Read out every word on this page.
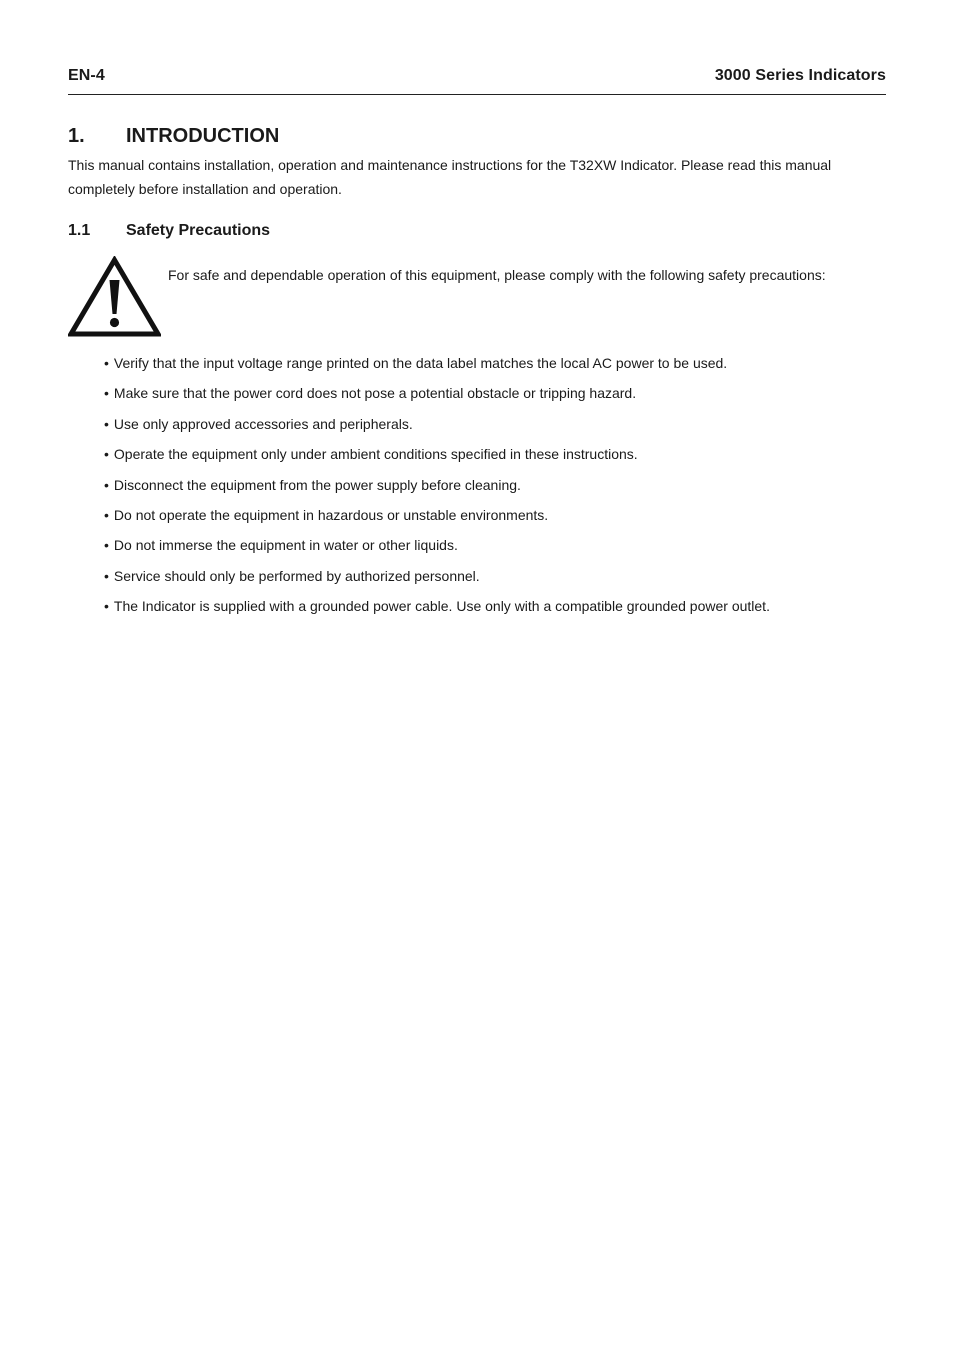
EN-4	3000 Series Indicators
1.	INTRODUCTION

This manual contains installation, operation and maintenance instructions for the T32XW Indicator. Please read this manual completely before installation and operation.

1.1	Safety Precautions

For safe and dependable operation of this equipment, please comply with the following safety precautions:

• Verify that the input voltage range printed on the data label matches the local AC power to be used.
• Make sure that the power cord does not pose a potential obstacle or tripping hazard.
• Use only approved accessories and peripherals.
• Operate the equipment only under ambient conditions specified in these instructions.
• Disconnect the equipment from the power supply before cleaning.
• Do not operate the equipment in hazardous or unstable environments.
• Do not immerse the equipment in water or other liquids.
• Service should only be performed by authorized personnel.
• The Indicator is supplied with a grounded power cable. Use only with a compatible grounded power outlet.
